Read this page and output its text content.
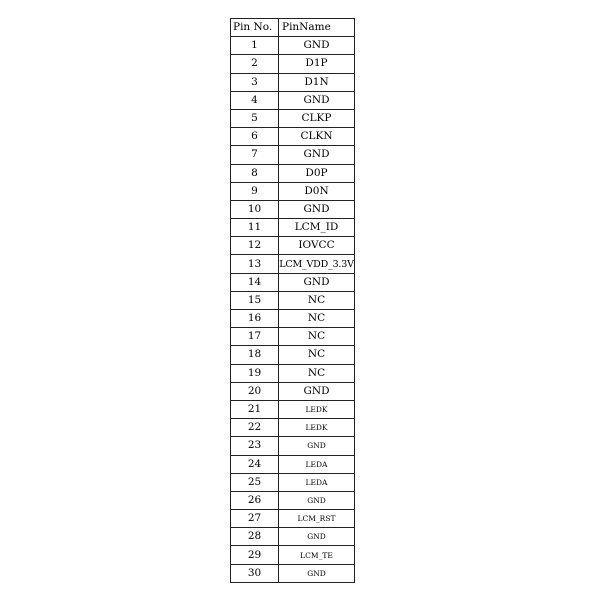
Pin No.	PinName
1	GND
2	D1P
3	D1N
4	GND
5	CLKP
6	CLKN
7	GND
8	D0P
9	D0N
10	GND
11	LCM_ID
12	IOVCC
13	LCM_VDD_3.3V
14	GND
15	NC
16	NC
17	NC
18	NC
19	NC
20	GND
21	LEDK
22	LEDK
23	GND
24	LEDA
25	LEDA
26	GND
27	LCM_RST
28	GND
29	LCM_TE
30	GND
